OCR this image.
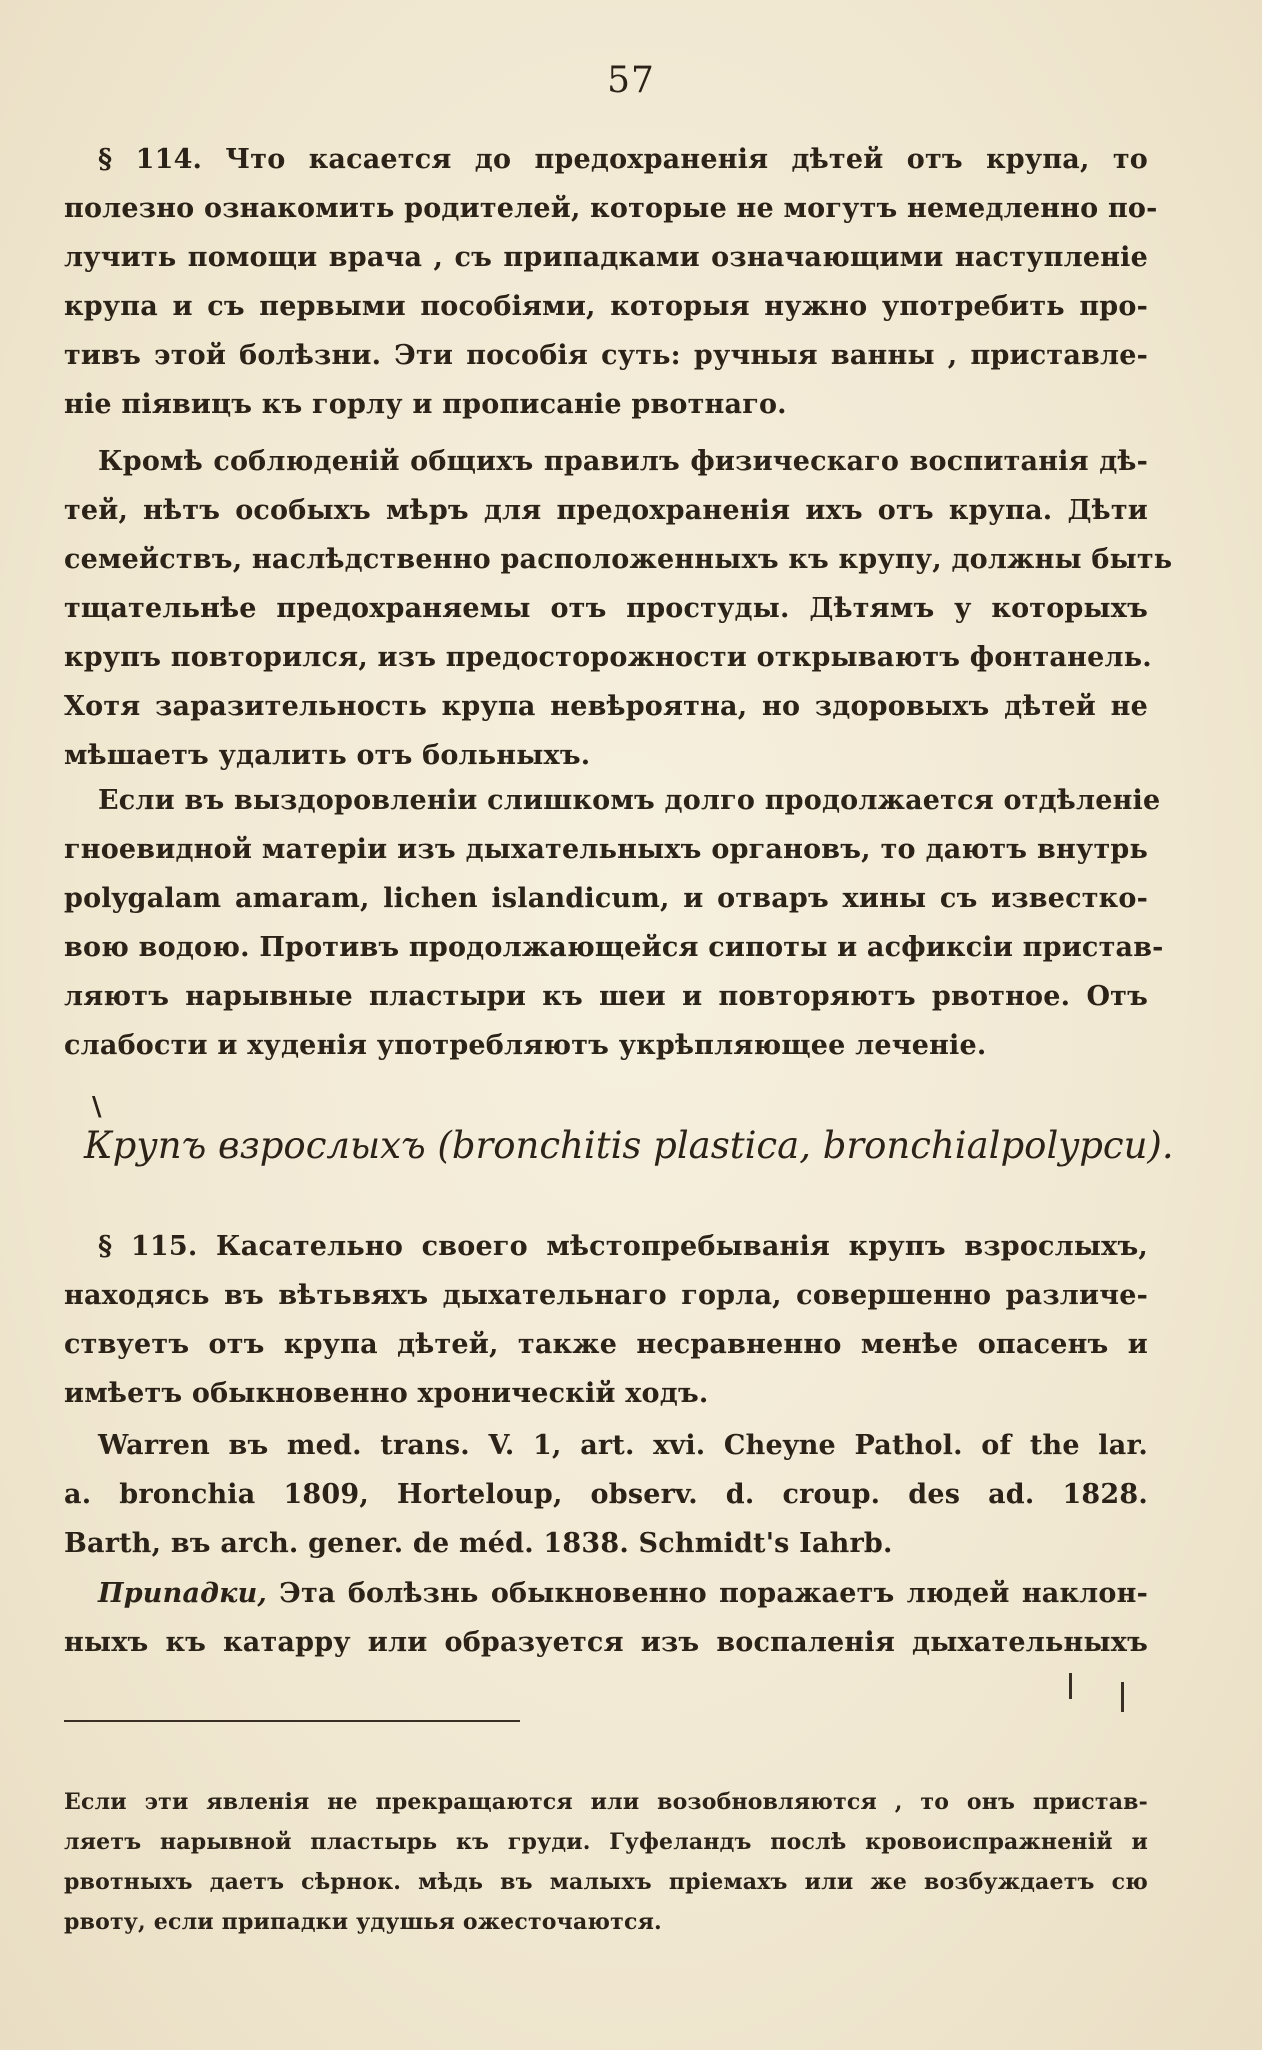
57
§ 114. Что касается до предохраненія дѣтей отъ крупа, то
полезно ознакомить родителей, которые не могутъ немедленно по-
лучить помощи врача , съ припадками означающими наступленіе
крупа и съ первыми пособіями, которыя нужно употребить про-
тивъ этой болѣзни. Эти пособія суть: ручныя ванны , приставле-
ніе піявицъ къ горлу и прописаніе рвотнаго.
Кромѣ соблюденій общихъ правилъ физическаго воспитанія дѣ-
тей, нѣтъ особыхъ мѣръ для предохраненія ихъ отъ крупа. Дѣти
семействъ, наслѣдственно расположенныхъ къ крупу, должны быть
тщательнѣе предохраняемы отъ простуды. Дѣтямъ у которыхъ
крупъ повторился, изъ предосторожности открываютъ фонтанель.
Хотя заразительность крупа невѣроятна, но здоровыхъ дѣтей не
мѣшаетъ удалить отъ больныхъ.
Если въ выздоровленіи слишкомъ долго продолжается отдѣленіе
гноевидной матеріи изъ дыхательныхъ органовъ, то даютъ внутрь
polygalam amaram, lichen islandicum, и отваръ хины съ известко-
вою водою. Противъ продолжающейся сипоты и асфиксіи пристав-
ляютъ нарывные пластыри къ шеи и повторяютъ рвотное. Отъ
слабости и худенія употребляютъ укрѣпляющее леченіе.
\
Крупъ взрослыхъ (bronchitis plastica, bronchialpolypcu).
§ 115. Касательно своего мѣстопребыванія крупъ взрослыхъ,
находясь въ вѣтьвяхъ дыхательнаго горла, совершенно различе-
ствуетъ отъ крупа дѣтей, также несравненно менѣе опасенъ и
имѣетъ обыкновенно хроническій ходъ.
Warren въ med. trans. V. 1, art. xvi. Cheyne Pathol. of the lar.
a. bronchia 1809, Horteloup, observ. d. croup. des ad. 1828.
Barth, въ arch. gener. de méd. 1838. Schmidt's Iahrb.
Припадки, Эта болѣзнь обыкновенно поражаетъ людей наклон-
ныхъ къ катарру или образуется изъ воспаленія дыхательныхъ
Если эти явленія не прекращаются или возобновляются , то онъ пристав-
ляетъ нарывной пластырь къ груди. Гуфеландъ послѣ кровоиспражненій и
рвотныхъ даетъ сѣрнок. мѣдь въ малыхъ пріемахъ или же возбуждаетъ сю
рвоту, если припадки удушья ожесточаются.
